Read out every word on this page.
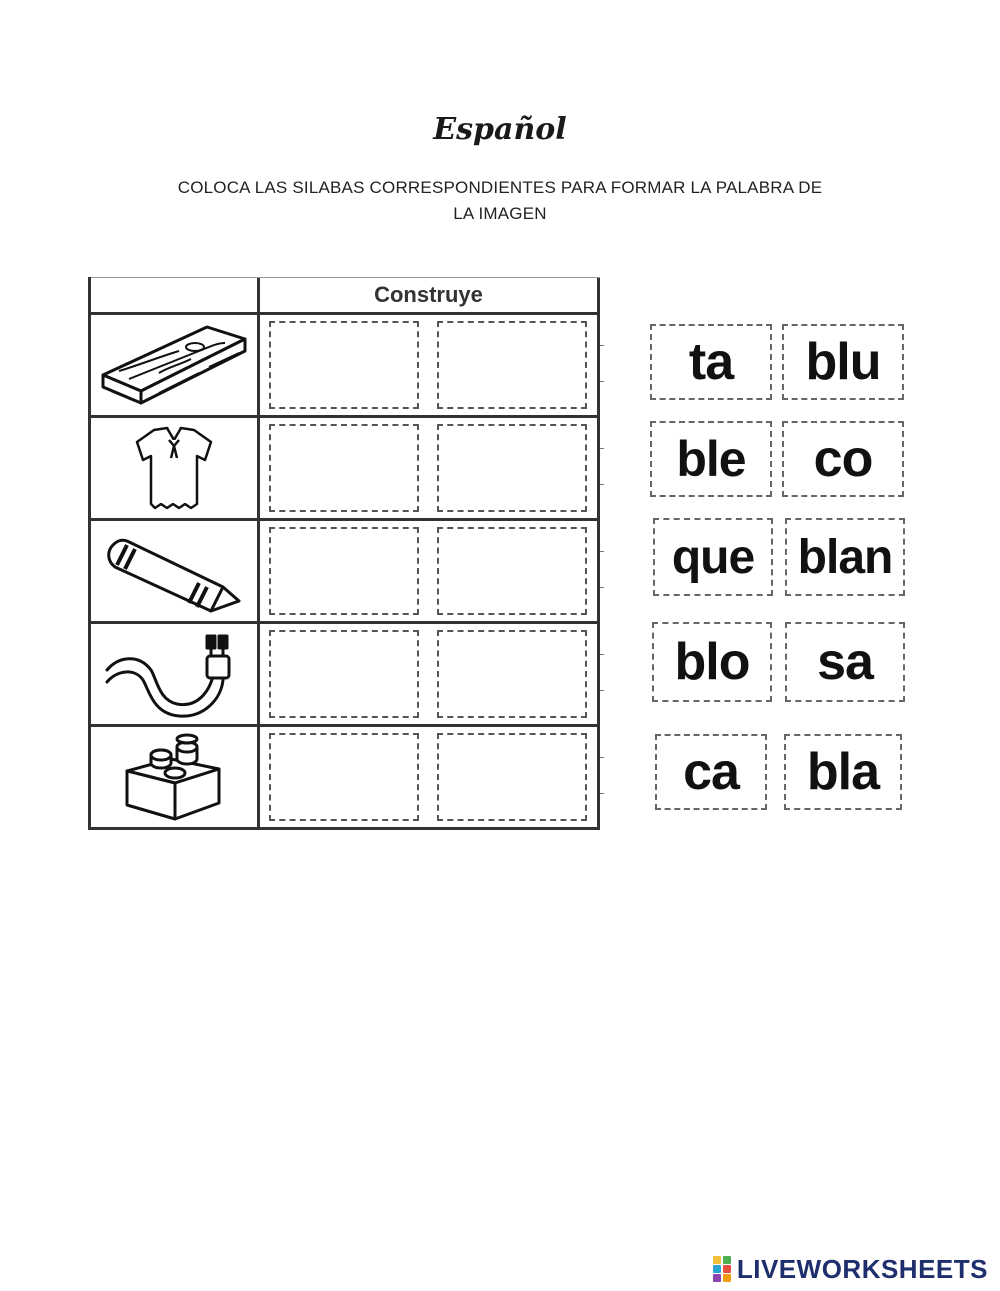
Español
COLOCA LAS SILABAS CORRESPONDIENTES PARA FORMAR LA PALABRA DE
LA IMAGEN
Construye
ta	blu
ble	co
que blan
blo	sa
ca	bla
LIVEWORKSHEETS
